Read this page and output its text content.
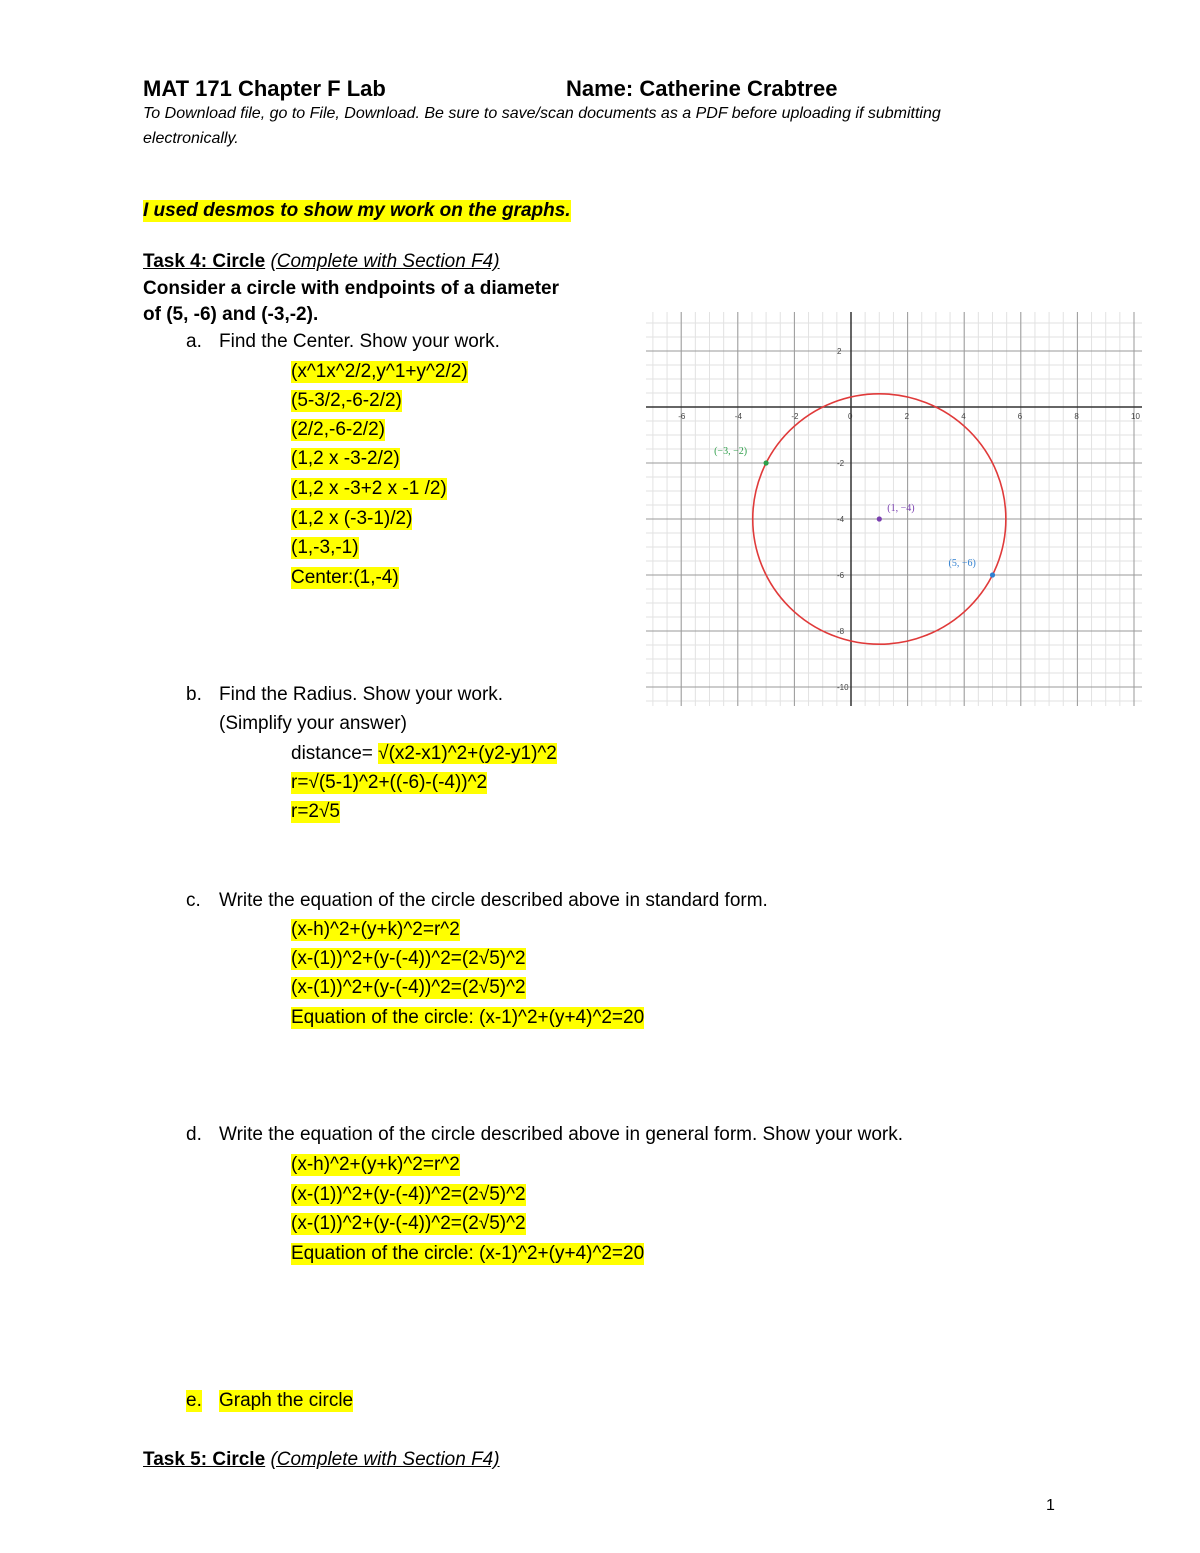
MAT 171 Chapter F Lab	Name: Catherine Crabtree
To Download file, go to File, Download. Be sure to save/scan documents as a PDF before uploading if submitting
electronically.
I used desmos to show my work on the graphs.
Task 4: Circle (Complete with Section F4)
Consider a circle with endpoints of a diameter
of (5, -6) and (-3,-2).
a. Find the Center. Show your work.
(x^1x^2/2,y^1+y^2/2)
(5-3/2,-6-2/2)
(2/2,-6-2/2)
(1,2 x -3-2/2)
(1,2 x -3+2 x -1 /2)
(1,2 x (-3-1)/2)
(1,-3,-1)
Center:(1,-4)
-6	-4	-2	0	2	4	6	8	10
2
-2
-4
-6
-8
-10
(−3, −2)
(1, −4)
(5, −6)
b. Find the Radius. Show your work.
(Simplify your answer)
distance= √(x2-x1)^2+(y2-y1)^2
r=√(5-1)^2+((-6)-(-4))^2
r=2√5
c. Write the equation of the circle described above in standard form.
(x-h)^2+(y+k)^2=r^2
(x-(1))^2+(y-(-4))^2=(2√5)^2
(x-(1))^2+(y-(-4))^2=(2√5)^2
Equation of the circle: (x-1)^2+(y+4)^2=20
d. Write the equation of the circle described above in general form. Show your work.
(x-h)^2+(y+k)^2=r^2
(x-(1))^2+(y-(-4))^2=(2√5)^2
(x-(1))^2+(y-(-4))^2=(2√5)^2
Equation of the circle: (x-1)^2+(y+4)^2=20
e. Graph the circle
Task 5: Circle (Complete with Section F4)
1
